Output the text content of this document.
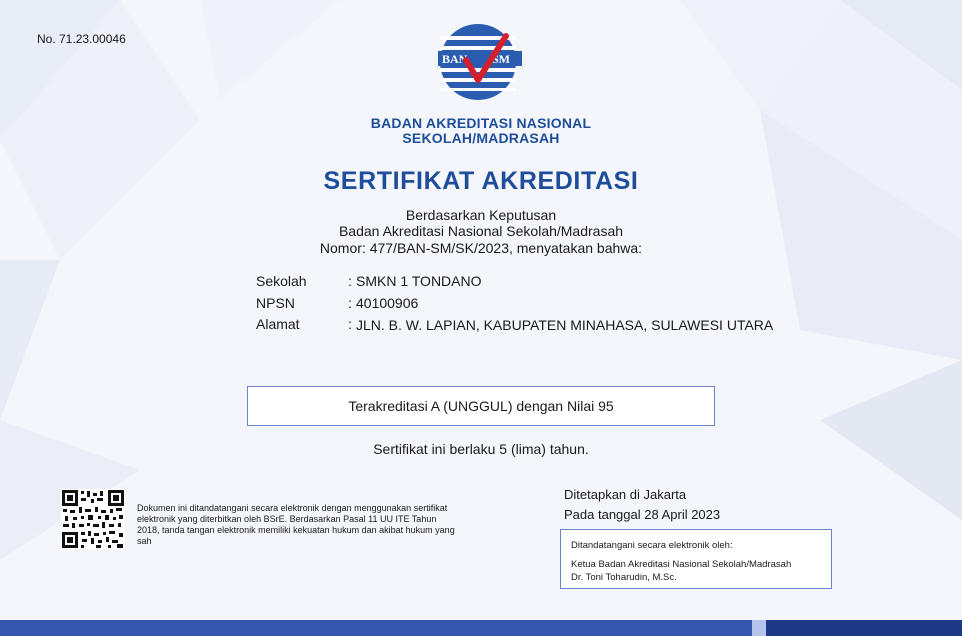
No. 71.23.00046
BAN SM
BADAN AKREDITASI NASIONAL
SEKOLAH/MADRASAH
SERTIFIKAT AKREDITASI
Berdasarkan Keputusan
Badan Akreditasi Nasional Sekolah/Madrasah
Nomor: 477/BAN-SM/SK/2023, menyatakan bahwa:
Sekolah	: SMKN 1 TONDANO
NPSN	: 40100906
Alamat	: JLN. B. W. LAPIAN, KABUPATEN MINAHASA, SULAWESI UTARA
Terakreditasi A (UNGGUL) dengan Nilai 95
Sertifikat ini berlaku 5 (lima) tahun.
Dokumen ini ditandatangani secara elektronik dengan menggunakan sertifikat elektronik yang diterbitkan oleh BSrE. Berdasarkan Pasal 11 UU ITE Tahun 2018, tanda tangan elektronik memiliki kekuatan hukum dan akibat hukum yang sah
Ditetapkan di Jakarta
Pada tanggal 28 April 2023
Ditandatangani secara elektronik oleh:
Ketua Badan Akreditasi Nasional Sekolah/Madrasah
Dr. Toni Toharudin, M.Sc.
